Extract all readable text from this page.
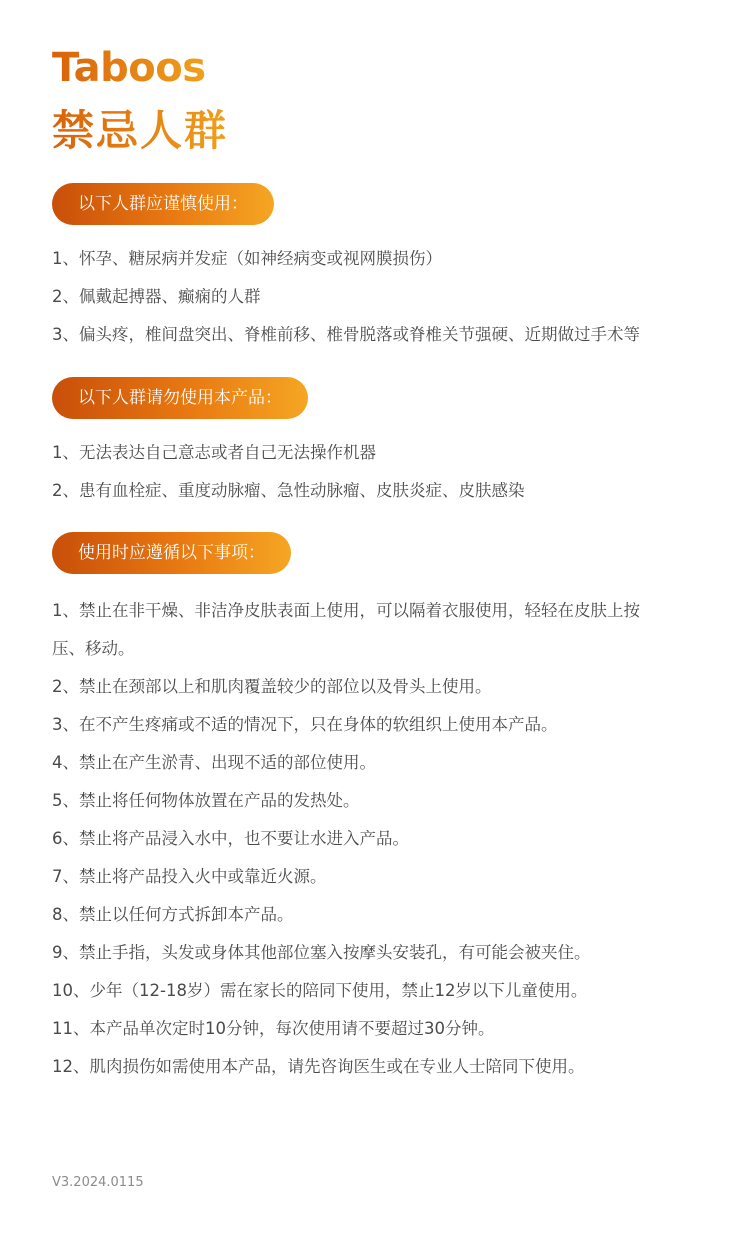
Taboos
禁忌人群
以下人群应谨慎使用：
1、怀孕、糖尿病并发症（如神经病变或视网膜损伤）
2、佩戴起搏器、癫痫的人群
3、偏头疼，椎间盘突出、脊椎前移、椎骨脱落或脊椎关节强硬、近期做过手术等
以下人群请勿使用本产品：
1、无法表达自己意志或者自己无法操作机器
2、患有血栓症、重度动脉瘤、急性动脉瘤、皮肤炎症、皮肤感染
使用时应遵循以下事项：
1、禁止在非干燥、非洁净皮肤表面上使用，可以隔着衣服使用，轻轻在皮肤上按压、移动。
2、禁止在颈部以上和肌肉覆盖较少的部位以及骨头上使用。
3、在不产生疼痛或不适的情况下，只在身体的软组织上使用本产品。
4、禁止在产生淤青、出现不适的部位使用。
5、禁止将任何物体放置在产品的发热处。
6、禁止将产品浸入水中，也不要让水进入产品。
7、禁止将产品投入火中或靠近火源。
8、禁止以任何方式拆卸本产品。
9、禁止手指，头发或身体其他部位塞入按摩头安装孔，有可能会被夹住。
10、少年（12-18岁）需在家长的陪同下使用，禁止12岁以下儿童使用。
11、本产品单次定时10分钟，每次使用请不要超过30分钟。
12、肌肉损伤如需使用本产品，请先咨询医生或在专业人士陪同下使用。
V3.2024.0115
